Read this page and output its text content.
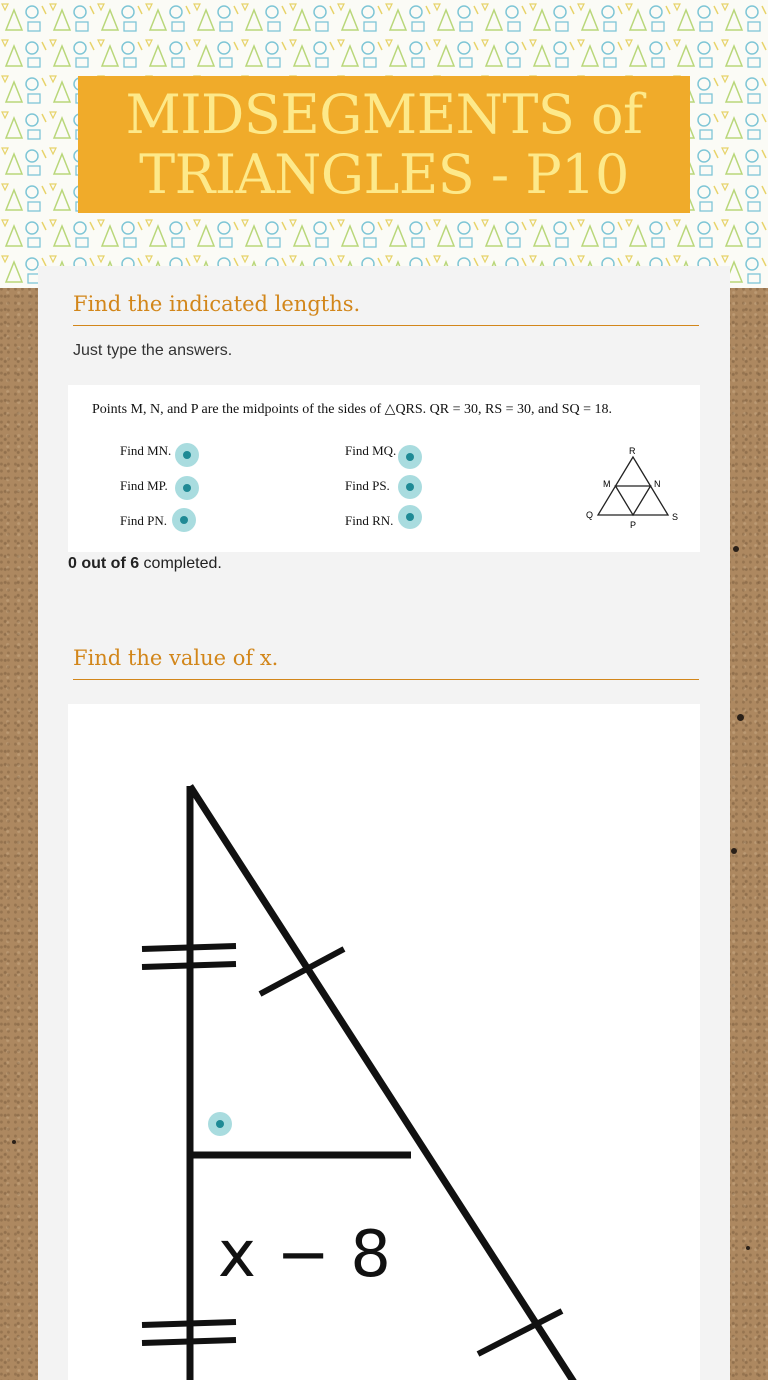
MIDSEGMENTS of
TRIANGLES - P10
Find the indicated lengths.
Just type the answers.
Points M, N, and P are the midpoints of the sides of △QRS. QR = 30, RS = 30, and SQ = 18.
Find MN.	Find MQ.
Find MP.	Find PS.
Find PN.	Find RN.
R
M	N
Q
P
S
0 out of 6 completed.
Find the value of x.
x − 8
